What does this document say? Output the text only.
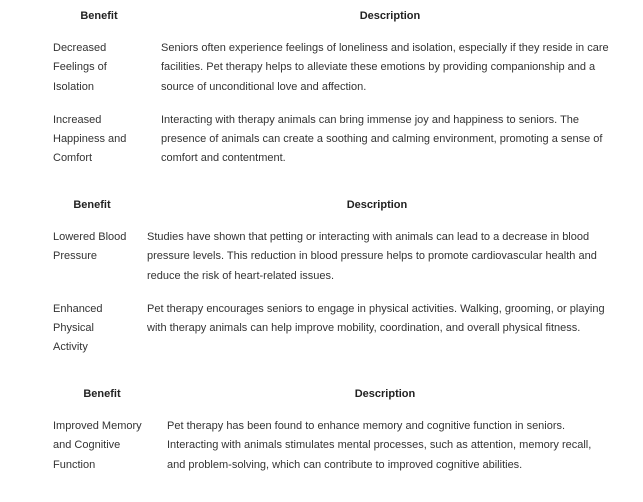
Benefit	Description
Decreased Feelings of Isolation	Seniors often experience feelings of loneliness and isolation, especially if they reside in care facilities. Pet therapy helps to alleviate these emotions by providing companionship and a source of unconditional love and affection.
Increased Happiness and Comfort	Interacting with therapy animals can bring immense joy and happiness to seniors. The presence of animals can create a soothing and calming environment, promoting a sense of comfort and contentment.
Benefit	Description
Lowered Blood Pressure	Studies have shown that petting or interacting with animals can lead to a decrease in blood pressure levels. This reduction in blood pressure helps to promote cardiovascular health and reduce the risk of heart-related issues.
Enhanced Physical Activity	Pet therapy encourages seniors to engage in physical activities. Walking, grooming, or playing with therapy animals can help improve mobility, coordination, and overall physical fitness.
Benefit	Description
Improved Memory and Cognitive Function	Pet therapy has been found to enhance memory and cognitive function in seniors. Interacting with animals stimulates mental processes, such as attention, memory recall, and problem-solving, which can contribute to improved cognitive abilities.
